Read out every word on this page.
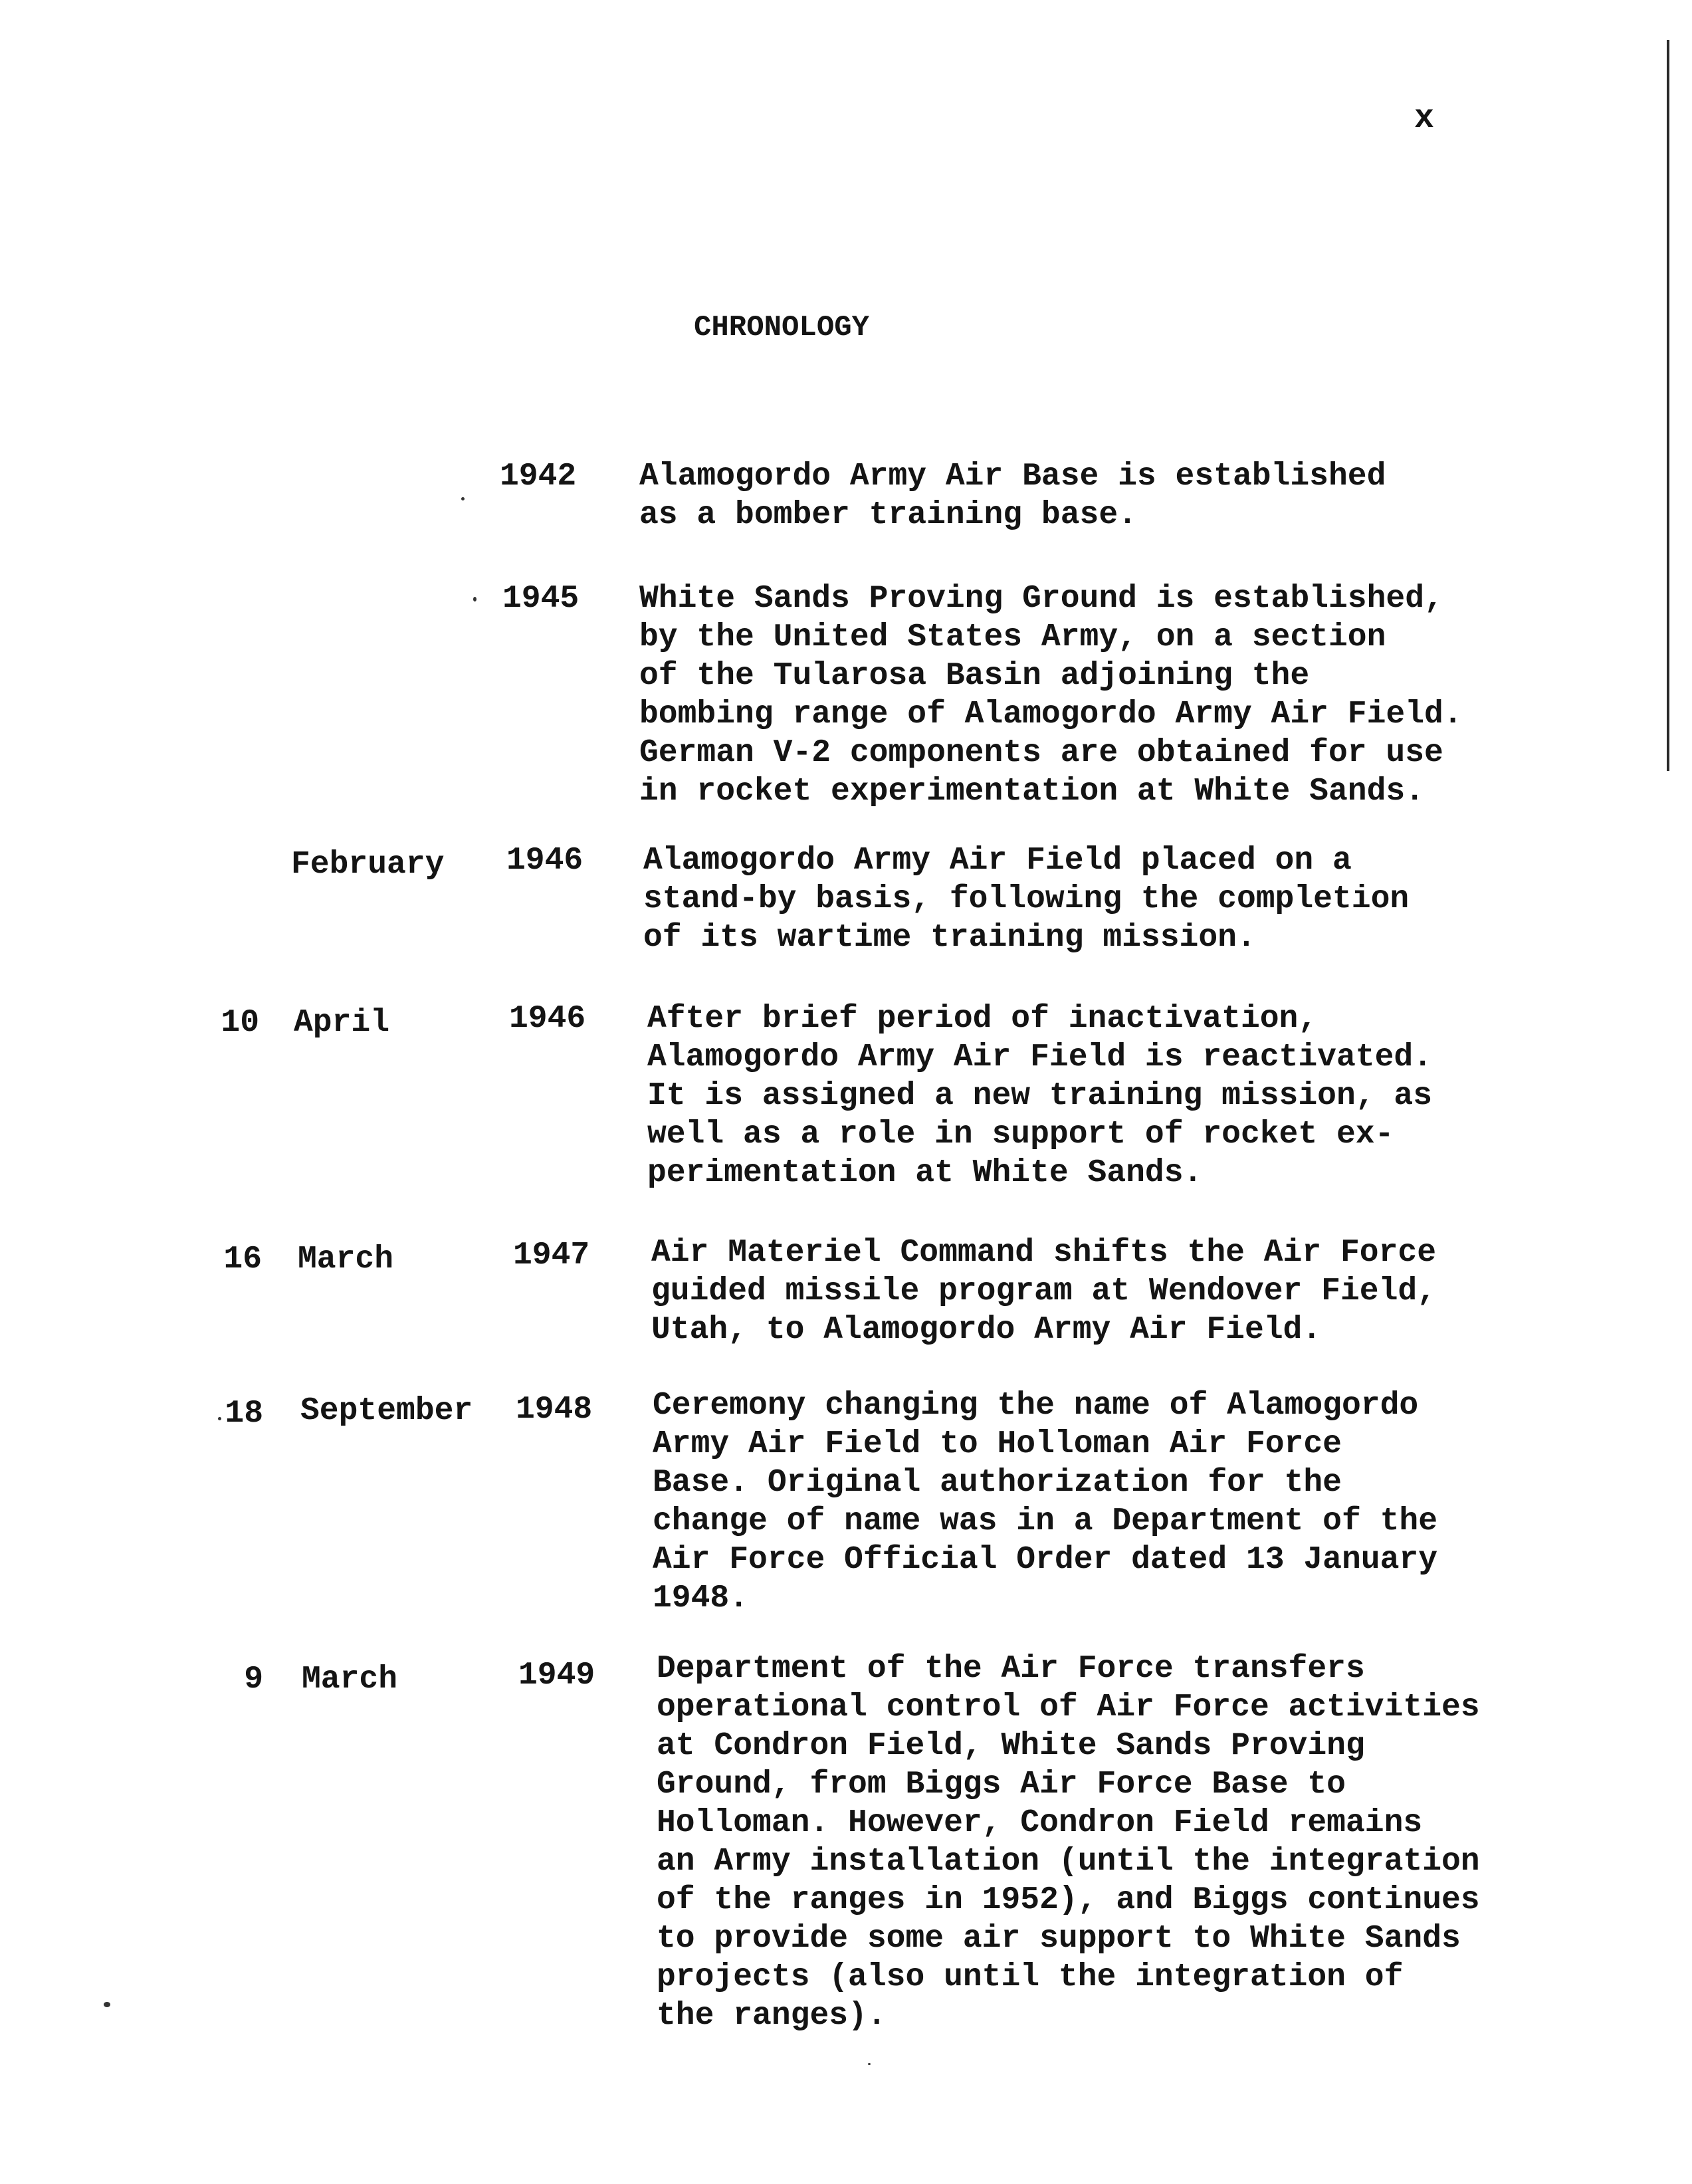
x
CHRONOLOGY
1942 Alamogordo Army Air Base is established
as a bomber training base.
1945 White Sands Proving Ground is established,
by the United States Army, on a section
of the Tularosa Basin adjoining the
bombing range of Alamogordo Army Air Field.
German V-2 components are obtained for use
in rocket experimentation at White Sands.
February 1946 Alamogordo Army Air Field placed on a
stand-by basis, following the completion
of its wartime training mission.
10 April	1946 After brief period of inactivation,
Alamogordo Army Air Field is reactivated.
It is assigned a new training mission, as
well as a role in support of rocket ex-
perimentation at White Sands.
16 March	1947 Air Materiel Command shifts the Air Force
guided missile program at Wendover Field,
Utah, to Alamogordo Army Air Field.
18 September 1948 Ceremony changing the name of Alamogordo
Army Air Field to Holloman Air Force
Base. Original authorization for the
change of name was in a Department of the
Air Force Official Order dated 13 January
1948.
9 March	1949 Department of the Air Force transfers
operational control of Air Force activities
at Condron Field, White Sands Proving
Ground, from Biggs Air Force Base to
Holloman. However, Condron Field remains
an Army installation (until the integration
of the ranges in 1952), and Biggs continues
to provide some air support to White Sands
projects (also until the integration of
the ranges).
